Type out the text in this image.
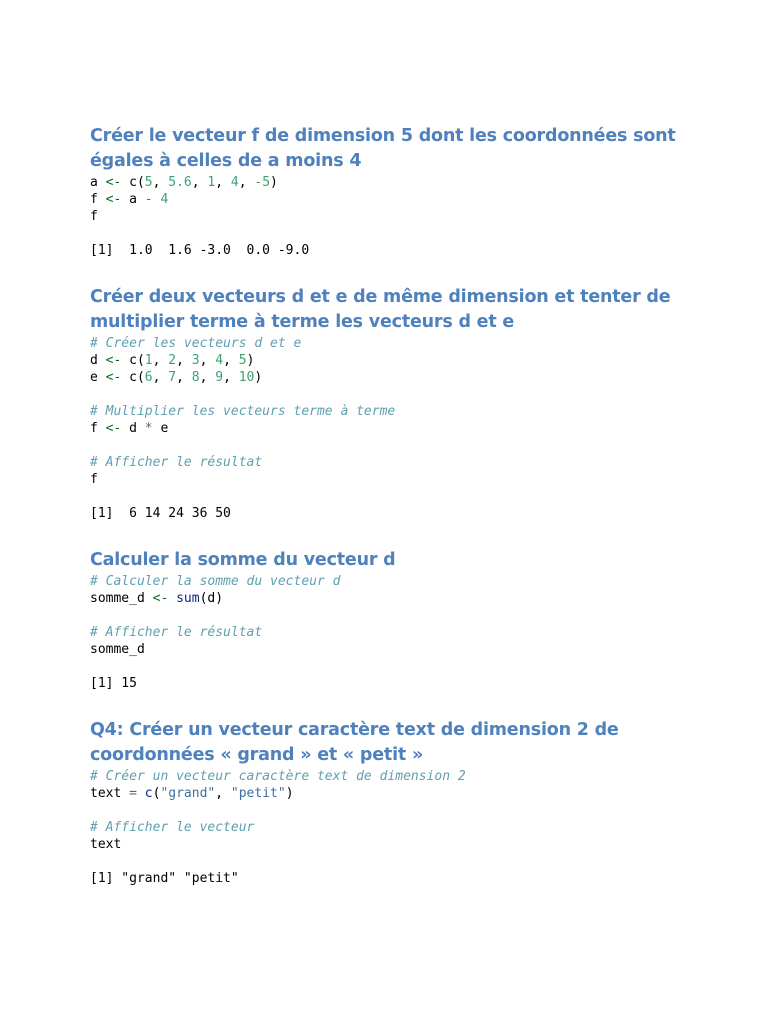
Créer le vecteur f de dimension 5 dont les coordonnées sont égales à celles de a moins 4
a <- c(5, 5.6, 1, 4, -5)
f <- a - 4
f
[1]  1.0  1.6 -3.0  0.0 -9.0
Créer deux vecteurs d et e de même dimension et tenter de multiplier terme à terme les vecteurs d et e
# Créer les vecteurs d et e
d <- c(1, 2, 3, 4, 5)
e <- c(6, 7, 8, 9, 10)
# Multiplier les vecteurs terme à terme
f <- d * e
# Afficher le résultat
f
[1]  6 14 24 36 50
Calculer la somme du vecteur d
# Calculer la somme du vecteur d
somme_d <- sum(d)
# Afficher le résultat
somme_d
[1] 15
Q4: Créer un vecteur caractère text de dimension 2 de coordonnées « grand » et « petit »
# Créer un vecteur caractère text de dimension 2
text = c("grand", "petit")
# Afficher le vecteur
text
[1] "grand" "petit"
